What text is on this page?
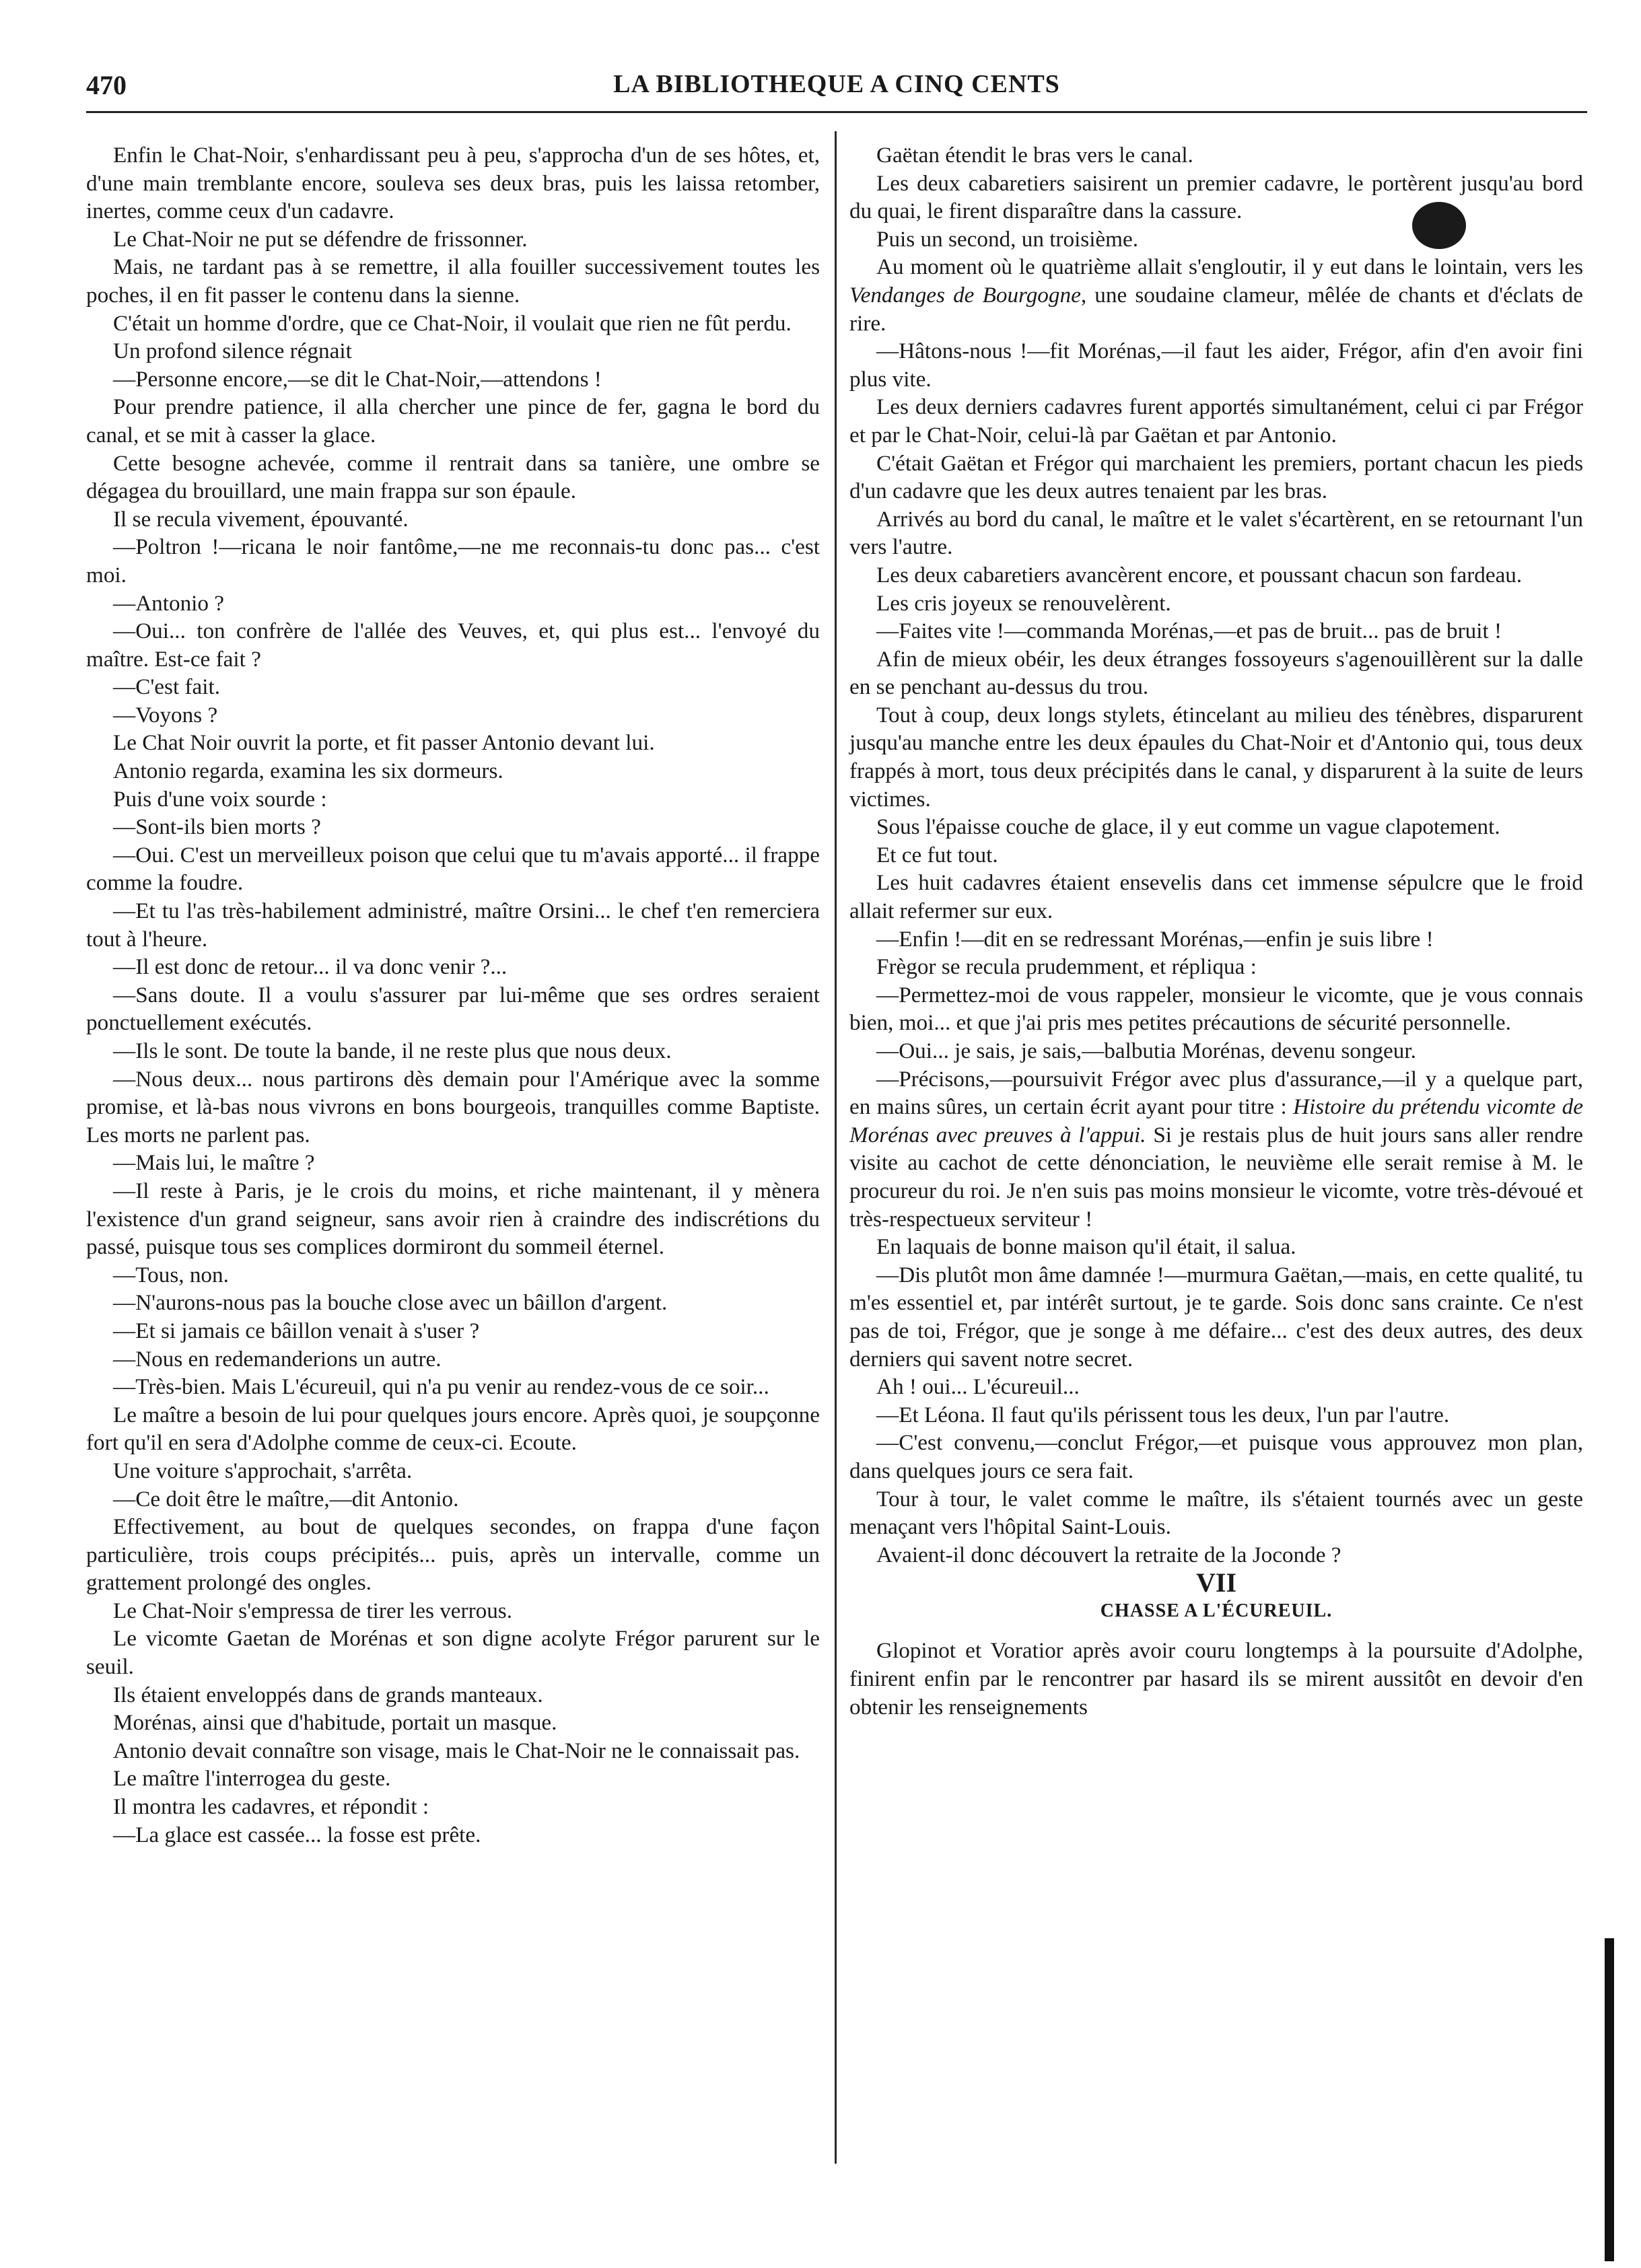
470	LA BIBLIOTHEQUE A CINQ CENTS

Enfin le Chat-Noir, s'enhardissant peu à peu, s'approcha d'un de ses hôtes, et, d'une main tremblante encore, souleva ses deux bras, puis les laissa retomber, inertes, comme ceux d'un cadavre.

Le Chat-Noir ne put se défendre de frissonner.

Mais, ne tardant pas à se remettre, il alla fouiller successivement toutes les poches, il en fit passer le contenu dans la sienne.

C'était un homme d'ordre, que ce Chat-Noir, il voulait que rien ne fût perdu.

Un profond silence régnait

—Personne encore,—se dit le Chat-Noir,—attendons !

Pour prendre patience, il alla chercher une pince de fer, gagna le bord du canal, et se mit à casser la glace.

Cette besogne achevée, comme il rentrait dans sa tanière, une ombre se dégagea du brouillard, une main frappa sur son épaule.

Il se recula vivement, épouvanté.

—Poltron !—ricana le noir fantôme,—ne me reconnais-tu donc pas... c'est moi.

—Antonio ?

—Oui... ton confrère de l'allée des Veuves, et, qui plus est... l'envoyé du maître. Est-ce fait ?

—C'est fait.

—Voyons ?

Le Chat Noir ouvrit la porte, et fit passer Antonio devant lui.

Antonio regarda, examina les six dormeurs.

Puis d'une voix sourde :

—Sont-ils bien morts ?

—Oui. C'est un merveilleux poison que celui que tu m'avais apporté... il frappe comme la foudre.

—Et tu l'as très-habilement administré, maître Orsini... le chef t'en remerciera tout à l'heure.

—Il est donc de retour... il va donc venir ?...

—Sans doute. Il a voulu s'assurer par lui-même que ses ordres seraient ponctuellement exécutés.

—Ils le sont. De toute la bande, il ne reste plus que nous deux.

—Nous deux... nous partirons dès demain pour l'Amérique avec la somme promise, et là-bas nous vivrons en bons bourgeois, tranquilles comme Baptiste. Les morts ne parlent pas.

—Mais lui, le maître ?

—Il reste à Paris, je le crois du moins, et riche maintenant, il y mènera l'existence d'un grand seigneur, sans avoir rien à craindre des indiscrétions du passé, puisque tous ses complices dormiront du sommeil éternel.

—Tous, non.

—N'aurons-nous pas la bouche close avec un bâillon d'argent.

—Et si jamais ce bâillon venait à s'user ?

—Nous en redemanderions un autre.

—Très-bien. Mais L'écureuil, qui n'a pu venir au rendez-vous de ce soir...

Le maître a besoin de lui pour quelques jours encore. Après quoi, je soupçonne fort qu'il en sera d'Adolphe comme de ceux-ci. Ecoute.

Une voiture s'approchait, s'arrêta.

—Ce doit être le maître,—dit Antonio.

Effectivement, au bout de quelques secondes, on frappa d'une façon particulière, trois coups précipités... puis, après un intervalle, comme un grattement prolongé des ongles.

Le Chat-Noir s'empressa de tirer les verrous.

Le vicomte Gaetan de Morénas et son digne acolyte Frégor parurent sur le seuil.

Ils étaient enveloppés dans de grands manteaux.

Morénas, ainsi que d'habitude, portait un masque.

Antonio devait connaître son visage, mais le Chat-Noir ne le connaissait pas.

Le maître l'interrogea du geste.

Il montra les cadavres, et répondit :

—La glace est cassée... la fosse est prête.

Gaëtan étendit le bras vers le canal.

Les deux cabaretiers saisirent un premier cadavre, le portèrent jusqu'au bord du quai, le firent disparaître dans la cassure.

Puis un second, un troisième.

Au moment où le quatrième allait s'engloutir, il y eut dans le lointain, vers les Vendanges de Bourgogne, une soudaine clameur, mêlée de chants et d'éclats de rire.

—Hâtons-nous !—fit Morénas,—il faut les aider, Frégor, afin d'en avoir fini plus vite.

Les deux derniers cadavres furent apportés simultanément, celui ci par Frégor et par le Chat-Noir, celui-là par Gaëtan et par Antonio.

C'était Gaëtan et Frégor qui marchaient les premiers, portant chacun les pieds d'un cadavre que les deux autres tenaient par les bras.

Arrivés au bord du canal, le maître et le valet s'écartèrent, en se retournant l'un vers l'autre.

Les deux cabaretiers avancèrent encore, et poussant chacun son fardeau.

Les cris joyeux se renouvelèrent.

—Faites vite !—commanda Morénas,—et pas de bruit... pas de bruit !

Afin de mieux obéir, les deux étranges fossoyeurs s'agenouillèrent sur la dalle en se penchant au-dessus du trou.

Tout à coup, deux longs stylets, étincelant au milieu des ténèbres, disparurent jusqu'au manche entre les deux épaules du Chat-Noir et d'Antonio qui, tous deux frappés à mort, tous deux précipités dans le canal, y disparurent à la suite de leurs victimes.

Sous l'épaisse couche de glace, il y eut comme un vague clapotement.

Et ce fut tout.

Les huit cadavres étaient ensevelis dans cet immense sépulcre que le froid allait refermer sur eux.

—Enfin !—dit en se redressant Morénas,—enfin je suis libre !

Frègor se recula prudemment, et répliqua :

—Permettez-moi de vous rappeler, monsieur le vicomte, que je vous connais bien, moi... et que j'ai pris mes petites précautions de sécurité personnelle.

—Oui... je sais, je sais,—balbutia Morénas, devenu songeur.

—Précisons,—poursuivit Frégor avec plus d'assurance,—il y a quelque part, en mains sûres, un certain écrit ayant pour titre : Histoire du prétendu vicomte de Morénas avec preuves à l'appui. Si je restais plus de huit jours sans aller rendre visite au cachot de cette dénonciation, le neuvième elle serait remise à M. le procureur du roi. Je n'en suis pas moins monsieur le vicomte, votre très-dévoué et très-respectueux serviteur !

En laquais de bonne maison qu'il était, il salua.

—Dis plutôt mon âme damnée !—murmura Gaëtan,—mais, en cette qualité, tu m'es essentiel et, par intérêt surtout, je te garde. Sois donc sans crainte. Ce n'est pas de toi, Frégor, que je songe à me défaire... c'est des deux autres, des deux derniers qui savent notre secret.

Ah ! oui... L'écureuil...

—Et Léona. Il faut qu'ils périssent tous les deux, l'un par l'autre.

—C'est convenu,—conclut Frégor,—et puisque vous approuvez mon plan, dans quelques jours ce sera fait.

Tour à tour, le valet comme le maître, ils s'étaient tournés avec un geste menaçant vers l'hôpital Saint-Louis.

Avaient-il donc découvert la retraite de la Joconde ?

VII

CHASSE A L'ÉCUREUIL.

Glopinot et Voratior après avoir couru longtemps à la poursuite d'Adolphe, finirent enfin par le rencontrer par hasard ils se mirent aussitôt en devoir d'en obtenir les renseignements
